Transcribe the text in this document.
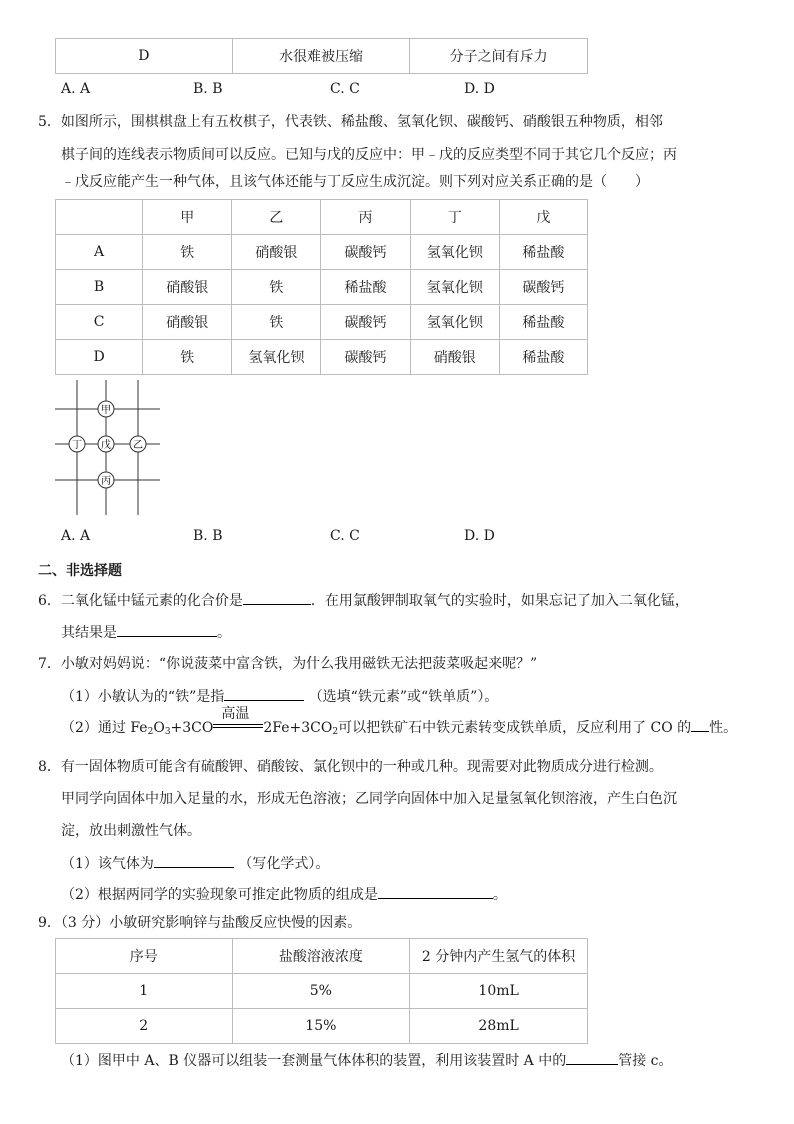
D	水很难被压缩	分子之间有斥力
A. A	B. B	C. C	D. D
5．如图所示，围棋棋盘上有五枚棋子，代表铁、稀盐酸、氢氧化钡、碳酸钙、硝酸银五种物质，相邻
棋子间的连线表示物质间可以反应。已知与戊的反应中：甲﹣戊的反应类型不同于其它几个反应；丙
﹣戊反应能产生一种气体，且该气体还能与丁反应生成沉淀。则下列对应关系正确的是（　　）
	甲	乙	丙	丁	戊
A	铁	硝酸银	碳酸钙	氢氧化钡	稀盐酸
B	硝酸银	铁	稀盐酸	氢氧化钡	碳酸钙
C	硝酸银	铁	碳酸钙	氢氧化钡	稀盐酸
D	铁	氢氧化钡	碳酸钙	硝酸银	稀盐酸
甲
丁 戊 乙
丙
A. A	B. B	C. C	D. D
二、非选择题
6．二氧化锰中锰元素的化合价是	．在用氯酸钾制取氧气的实验时，如果忘记了加入二氧化锰，
其结果是	。
7．小敏对妈妈说：“你说菠菜中富含铁，为什么我用磁铁无法把菠菜吸起来呢？”
（1）小敏认为的“铁”是指	（选填“铁元素”或“铁单质”）。
（2）通过 $Fe_2O_3+3CO$
高温
$2Fe+3CO_2$可以把铁矿石中铁元素转变成铁单质，反应利用了 CO 的 性。
8．有一固体物质可能含有硫酸钾、硝酸铵、氯化钡中的一种或几种。现需要对此物质成分进行检测。
甲同学向固体中加入足量的水，形成无色溶液；乙同学向固体中加入足量氢氧化钡溶液，产生白色沉
淀，放出刺激性气体。
（1）该气体为	（写化学式）。
（2）根据两同学的实验现象可推定此物质的组成是	。
9．（3 分）小敏研究影响锌与盐酸反应快慢的因素。
序号	盐酸溶液浓度	2 分钟内产生氢气的体积
1	5%	10mL
2	15%	28mL
（1）图甲中 A、B 仪器可以组装一套测量气体体积的装置，利用该装置时 A 中的	管接 c。
